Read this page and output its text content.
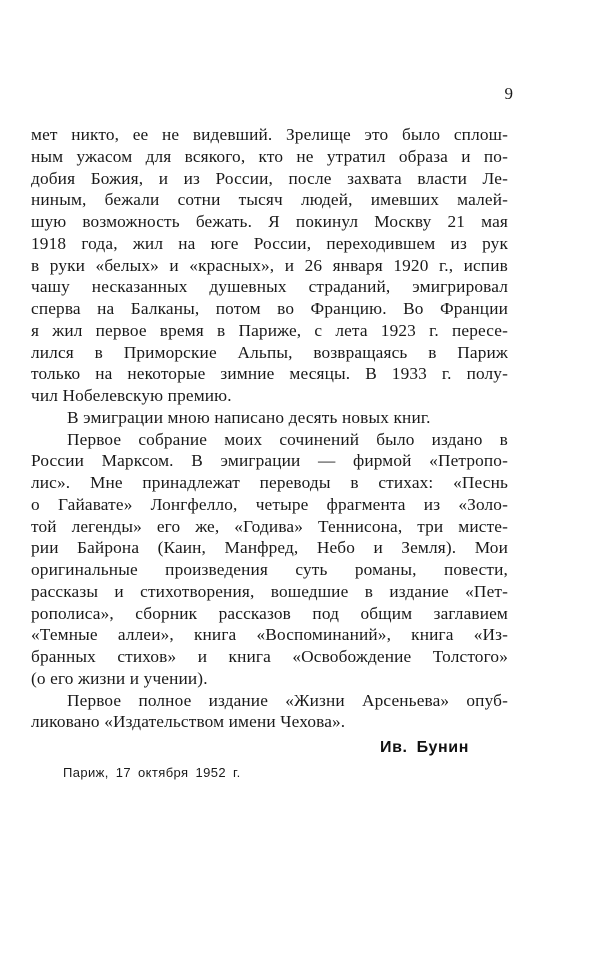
9
мет никто, ее не видевший. Зрелище это было сплош-
ным ужасом для всякого, кто не утратил образа и по-
добия Божия, и из России, после захвата власти Ле-
ниным, бежали сотни тысяч людей, имевших малей-
шую возможность бежать. Я покинул Москву 21 мая
1918 года, жил на юге России, переходившем из рук
в руки «белых» и «красных», и 26 января 1920 г., испив
чашу несказанных душевных страданий, эмигрировал
сперва на Балканы, потом во Францию. Во Франции
я жил первое время в Париже, с лета 1923 г. пересе-
лился в Приморские Альпы, возвращаясь в Париж
только на некоторые зимние месяцы. В 1933 г. полу-
чил Нобелевскую премию.
В эмиграции мною написано десять новых книг.
Первое собрание моих сочинений было издано в
России Марксом. В эмиграции — фирмой «Петропо-
лис». Мне принадлежат переводы в стихах: «Песнь
о Гайавате» Лонгфелло, четыре фрагмента из «Золо-
той легенды» его же, «Годива» Теннисона, три мисте-
рии Байрона (Каин, Манфред, Небо и Земля). Мои
оригинальные произведения суть романы, повести,
рассказы и стихотворения, вошедшие в издание «Пет-
рополиса», сборник рассказов под общим заглавием
«Темные аллеи», книга «Воспоминаний», книга «Из-
бранных стихов» и книга «Освобождение Толстого»
(о его жизни и учении).
Первое полное издание «Жизни Арсеньева» опуб-
ликовано «Издательством имени Чехова».
Ив. Бунин
Париж, 17 октября 1952 г.
